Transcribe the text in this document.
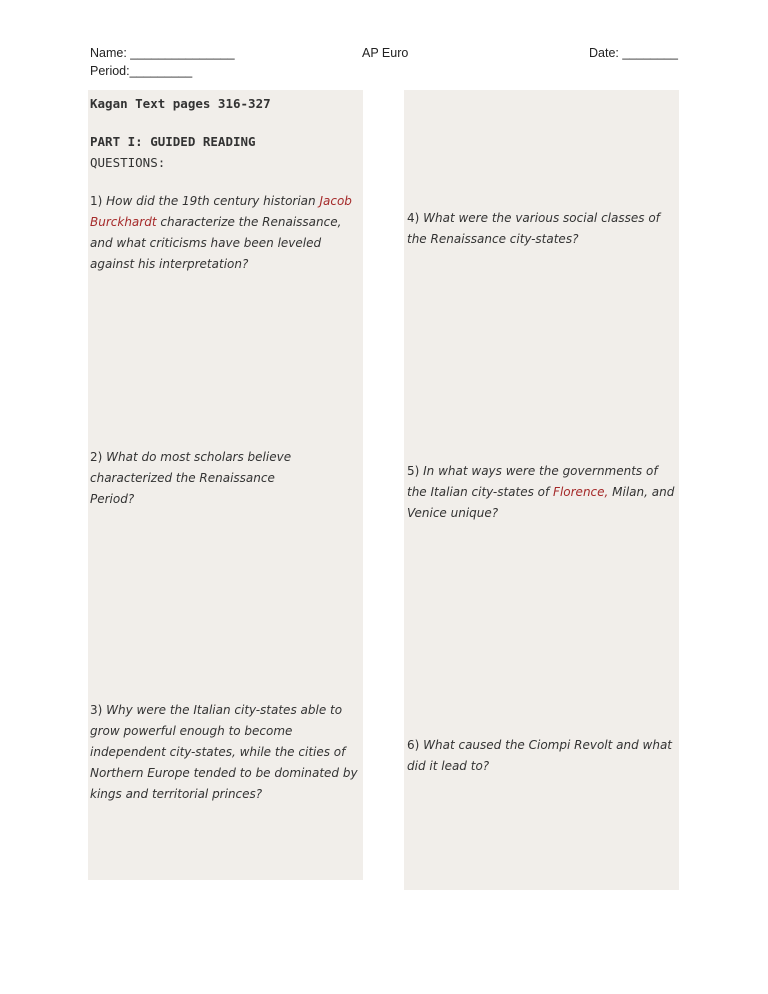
Name: _______________
Period:_________
AP Euro	Date: ________
Kagan Text pages 316-327
PART I: GUIDED READING
QUESTIONS:
1) How did the 19th century historian Jacob Burckhardt characterize the Renaissance, and what criticisms have been leveled against his interpretation?
2) What do most scholars believe characterized the Renaissance Period?
3) Why were the Italian city-states able to grow powerful enough to become independent city-states, while the cities of Northern Europe tended to be dominated by kings and territorial princes?
4) What were the various social classes of the Renaissance city-states?
5) In what ways were the governments of the Italian city-states of Florence, Milan, and Venice unique?
6) What caused the Ciompi Revolt and what did it lead to?
